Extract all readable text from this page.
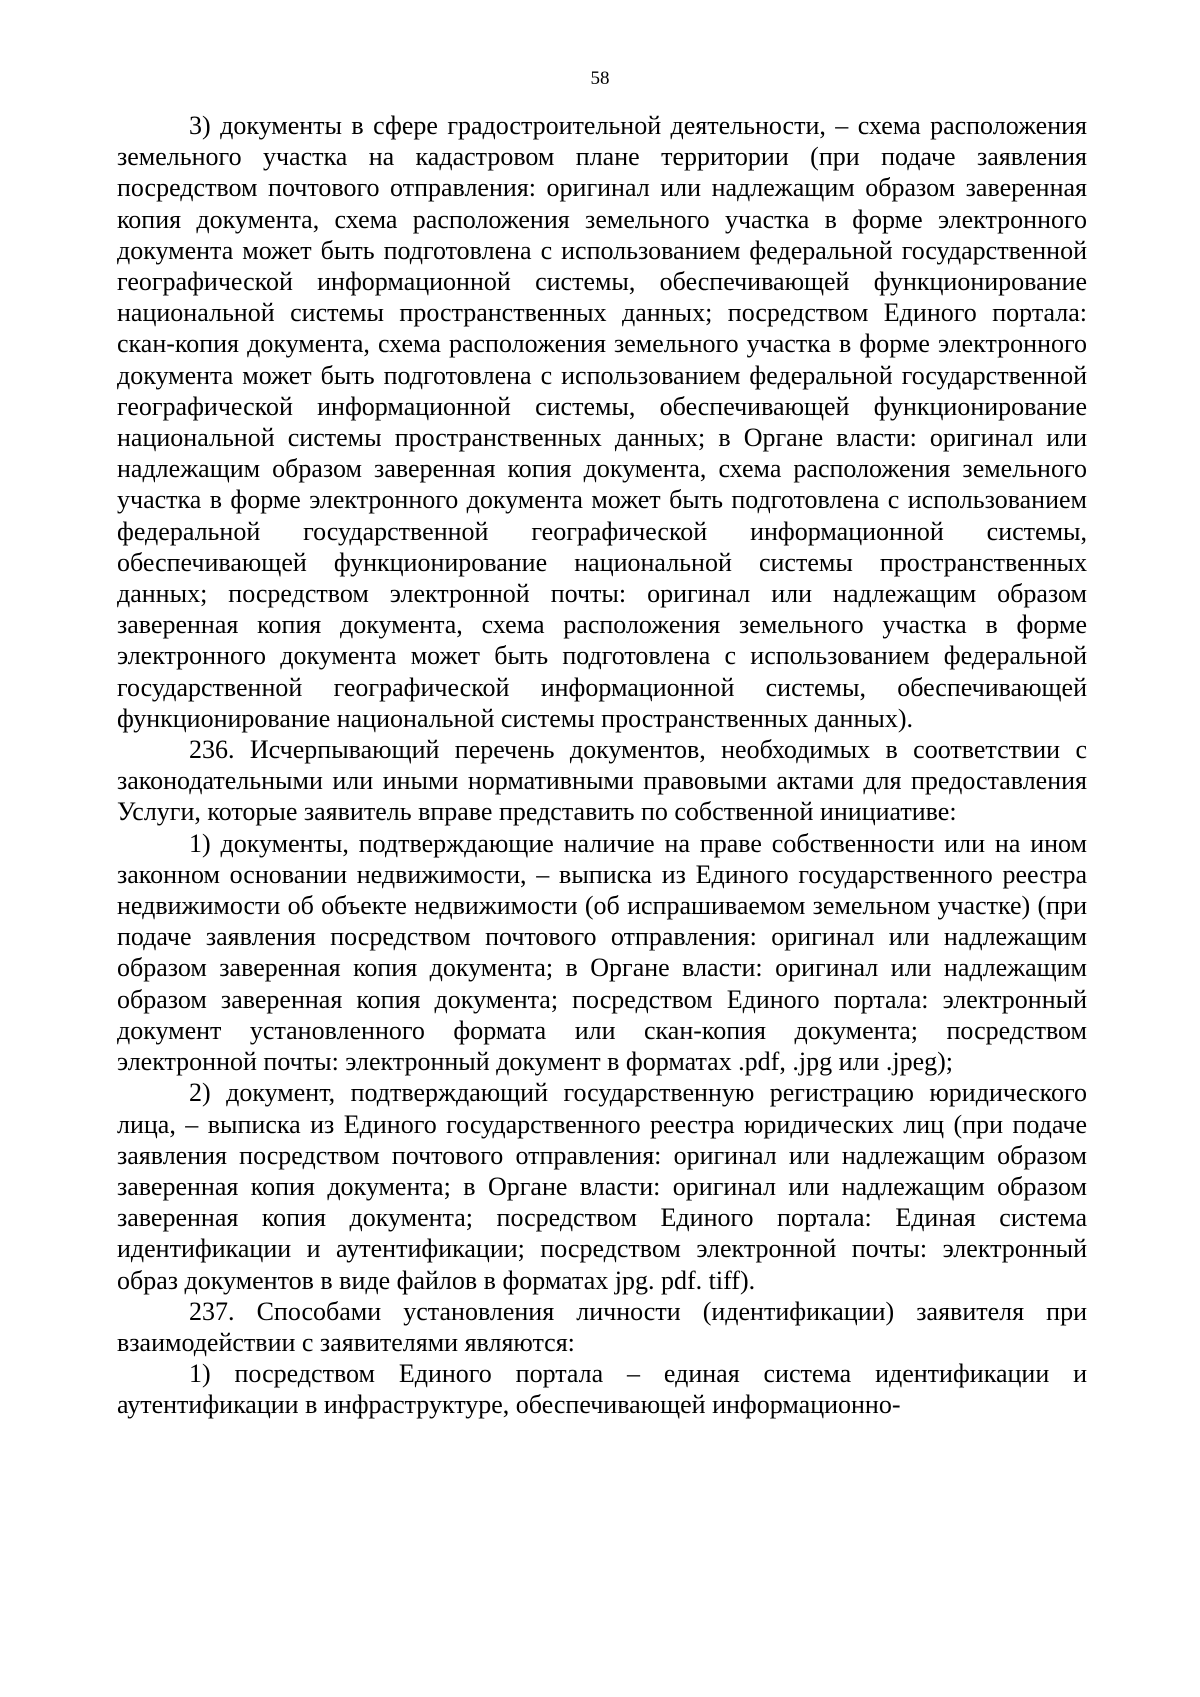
58

3) документы в сфере градостроительной деятельности, – схема расположения земельного участка на кадастровом плане территории (при подаче заявления посредством почтового отправления: оригинал или надлежащим образом заверенная копия документа, схема расположения земельного участка в форме электронного документа может быть подготовлена с использованием федеральной государственной географической информационной системы, обеспечивающей функционирование национальной системы пространственных данных; посредством Единого портала: скан-копия документа, схема расположения земельного участка в форме электронного документа может быть подготовлена с использованием федеральной государственной географической информационной системы, обеспечивающей функционирование национальной системы пространственных данных; в Органе власти: оригинал или надлежащим образом заверенная копия документа, схема расположения земельного участка в форме электронного документа может быть подготовлена с использованием федеральной государственной географической информационной системы, обеспечивающей функционирование национальной системы пространственных данных; посредством электронной почты: оригинал или надлежащим образом заверенная копия документа, схема расположения земельного участка в форме электронного документа может быть подготовлена с использованием федеральной государственной географической информационной системы, обеспечивающей функционирование национальной системы пространственных данных).

236. Исчерпывающий перечень документов, необходимых в соответствии с законодательными или иными нормативными правовыми актами для предоставления Услуги, которые заявитель вправе представить по собственной инициативе:

1) документы, подтверждающие наличие на праве собственности или на ином законном основании недвижимости, – выписка из Единого государственного реестра недвижимости об объекте недвижимости (об испрашиваемом земельном участке) (при подаче заявления посредством почтового отправления: оригинал или надлежащим образом заверенная копия документа; в Органе власти: оригинал или надлежащим образом заверенная копия документа; посредством Единого портала: электронный документ установленного формата или скан-копия документа; посредством электронной почты: электронный документ в форматах .pdf, .jpg или .jpeg);

2) документ, подтверждающий государственную регистрацию юридического лица, – выписка из Единого государственного реестра юридических лиц (при подаче заявления посредством почтового отправления: оригинал или надлежащим образом заверенная копия документа; в Органе власти: оригинал или надлежащим образом заверенная копия документа; посредством Единого портала: Единая система идентификации и аутентификации; посредством электронной почты: электронный образ документов в виде файлов в форматах jpg. pdf. tiff).

237. Способами установления личности (идентификации) заявителя при взаимодействии с заявителями являются:

1) посредством Единого портала – единая система идентификации и аутентификации в инфраструктуре, обеспечивающей информационно-
